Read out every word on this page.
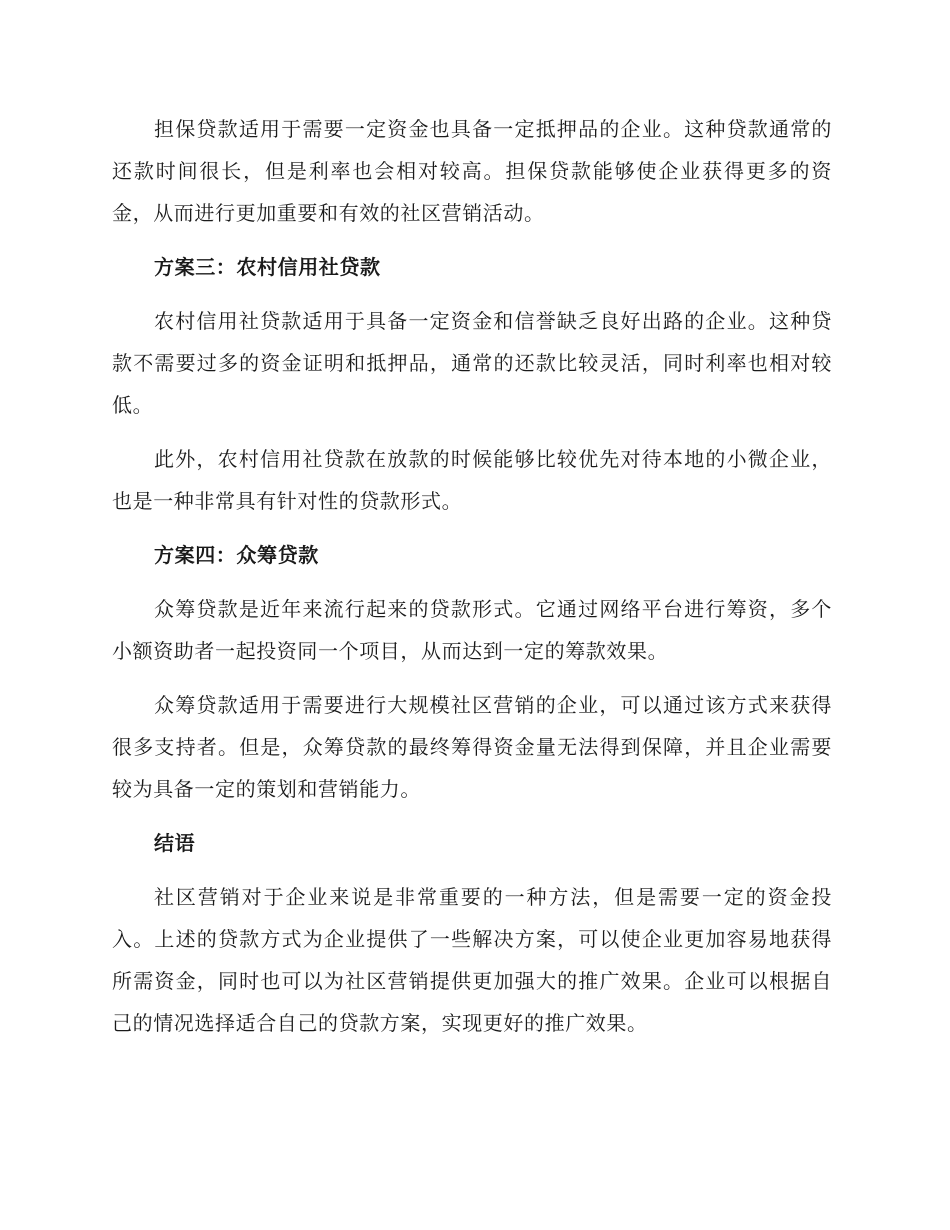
担保贷款适用于需要一定资金也具备一定抵押品的企业。这种贷款通常的还款时间很长，但是利率也会相对较高。担保贷款能够使企业获得更多的资金，从而进行更加重要和有效的社区营销活动。

方案三：农村信用社贷款

农村信用社贷款适用于具备一定资金和信誉缺乏良好出路的企业。这种贷款不需要过多的资金证明和抵押品，通常的还款比较灵活，同时利率也相对较低。

此外，农村信用社贷款在放款的时候能够比较优先对待本地的小微企业，也是一种非常具有针对性的贷款形式。

方案四：众筹贷款

众筹贷款是近年来流行起来的贷款形式。它通过网络平台进行筹资，多个小额资助者一起投资同一个项目，从而达到一定的筹款效果。

众筹贷款适用于需要进行大规模社区营销的企业，可以通过该方式来获得很多支持者。但是，众筹贷款的最终筹得资金量无法得到保障，并且企业需要较为具备一定的策划和营销能力。

结语

社区营销对于企业来说是非常重要的一种方法，但是需要一定的资金投入。上述的贷款方式为企业提供了一些解决方案，可以使企业更加容易地获得所需资金，同时也可以为社区营销提供更加强大的推广效果。企业可以根据自己的情况选择适合自己的贷款方案，实现更好的推广效果。
